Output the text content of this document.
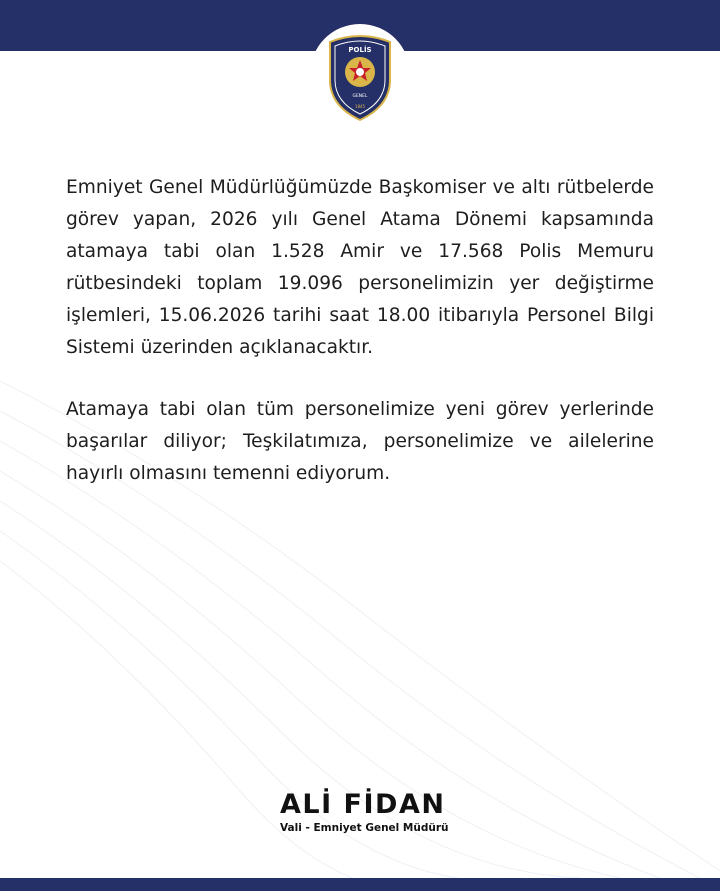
POLİS
GENEL
1845

Emniyet Genel Müdürlüğümüzde Başkomiser ve altı rütbelerde görev yapan, 2026 yılı Genel Atama Dönemi kapsamında atamaya tabi olan 1.528 Amir ve 17.568 Polis Memuru rütbesindeki toplam 19.096 personelimizin yer değiştirme işlemleri, 15.06.2026 tarihi saat 18.00 itibarıyla Personel Bilgi Sistemi üzerinden açıklanacaktır.

Atamaya tabi olan tüm personelimize yeni görev yerlerinde başarılar diliyor; Teşkilatımıza, personelimize ve ailelerine hayırlı olmasını temenni ediyorum.

ALİ FİDAN
Vali - Emniyet Genel Müdürü
